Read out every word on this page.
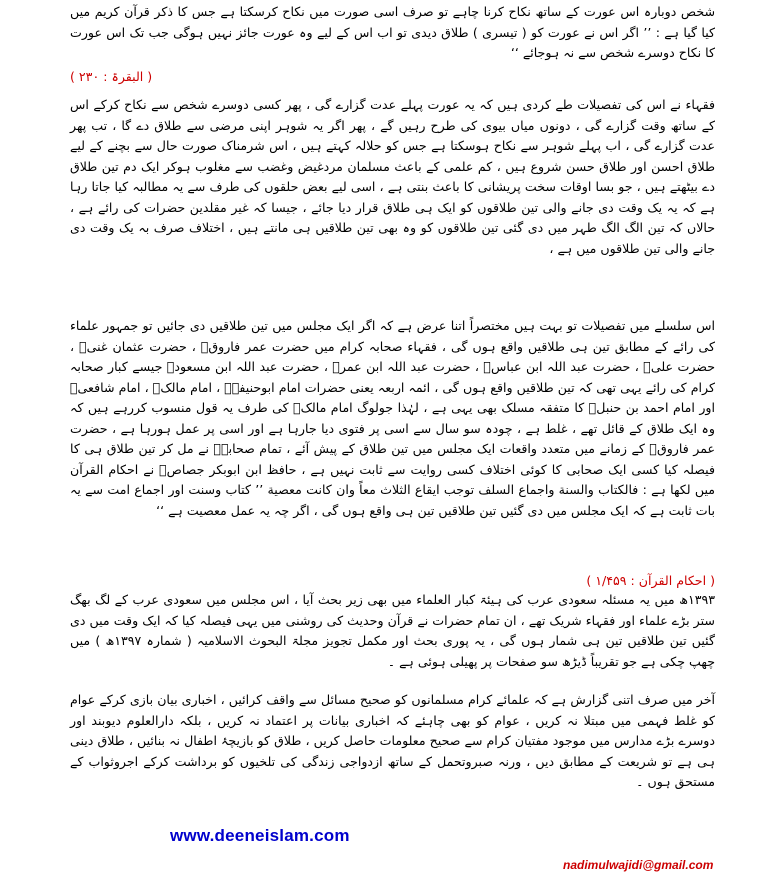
شخص دوبارہ اس عورت کے ساتھ نکاح کرنا چاہے تو صرف اسی صورت میں نکاح کرسکتا ہے جس کا ذکر قرآن کریم میں کیا گیا ہے : ’’ اگر اس نے عورت کو ( تیسری ) طلاق دیدی تو اب اس کے لیے وہ عورت جائز نہیں ہوگی جب تک اس عورت کا نکاح دوسرے شخص سے نہ ہوجائے ‘‘

( البقرۃ : ۲۳۰ )

فقہاء نے اس کی تفصیلات طے کردی ہیں کہ یہ عورت پہلے عدت گزارے گی ، پھر کسی دوسرے شخص سے نکاح کرکے اس کے ساتھ وقت گزارے گی ، دونوں میاں بیوی کی طرح رہیں گے ، پھر اگر یہ شوہر اپنی مرضی سے طلاق دے گا ، تب پھر عدت گزارے گی ، اب پہلے شوہر سے نکاح ہوسکتا ہے جس کو حلالہ کہتے ہیں ، اس شرمناک صورت حال سے بچنے کے لیے طلاق احسن اور طلاق حسن شروع ہیں ، کم علمی کے باعث مسلمان مردغیض وغضب سے مغلوب ہوکر ایک دم تین طلاق دے بیٹھتے ہیں ، جو بسا اوقات سخت پریشانی کا باعث بنتی ہے ، اسی لیے بعض حلقوں کی طرف سے یہ مطالبہ کیا جاتا رہا ہے کہ یہ یک وقت دی جانے والی تین طلاقوں کو ایک ہی طلاق قرار دیا جائے ، جیسا کہ غیر مقلدین حضرات کی رائے ہے ، حالاں کہ تین الگ الگ طہر میں دی گئی تین طلاقوں کو وہ بھی تین طلاقیں ہی مانتے ہیں ، اختلاف صرف بہ یک وقت دی جانے والی تین طلاقوں میں ہے ،

اس سلسلے میں تفصیلات تو بہت ہیں مختصراً اتنا عرض ہے کہ اگر ایک مجلس میں تین طلاقیں دی جائیں تو جمہور علماء کی رائے کے مطابق تین ہی طلاقیں واقع ہوں گی ، فقہاء صحابہ کرام میں حضرت عمر فاروقؓ ، حضرت عثمان غنیؓ ، حضرت علیؓ ، حضرت عبد اللہ ابن عباسؓ ، حضرت عبد اللہ ابن عمرؓ ، حضرت عبد اللہ ابن مسعودؓ جیسے کبار صحابہ کرام کی رائے یہی تھی کہ تین طلاقیں واقع ہوں گی ، ائمہ اربعہ یعنی حضرات امام ابوحنیفہؒ ، امام مالکؒ ، امام شافعیؒ اور امام احمد بن حنبلؒ کا متفقہ مسلک بھی یہی ہے ، لہٰذا جولوگ امام مالکؒ کی طرف یہ قول منسوب کررہے ہیں کہ وہ ایک طلاق کے قائل تھے ، غلط ہے ، چودہ سو سال سے اسی پر فتوی دیا جارہا ہے اور اسی پر عمل ہورہا ہے ، حضرت عمر فاروقؓ کے زمانے میں متعدد واقعات ایک مجلس میں تین طلاق کے پیش آئے ، تمام صحابہؓ نے مل کر تین طلاق ہی کا فیصلہ کیا کسی ایک صحابی کا کوئی اختلاف کسی روایت سے ثابت نہیں ہے ، حافظ ابن ابوبکر جصاصؒ نے احکام القرآن میں لکھا ہے : فالکتاب والسنة واجماع السلف توجب ایقاع الثلاث معاً وان کانت معصیة ’’ کتاب وسنت اور اجماع امت سے یہ بات ثابت ہے کہ ایک مجلس میں دی گئیں تین طلاقیں تین ہی واقع ہوں گی ، اگر چہ یہ عمل معصیت ہے ‘‘

( احکام القرآن : ۱/۴۵۹ )

۱۳۹۳ھ میں یہ مسئلہ سعودی عرب کی ہیئۃ کبار العلماء میں بھی زیر بحث آیا ، اس مجلس میں سعودی عرب کے لگ بھگ ستر بڑے علماء اور فقہاء شریک تھے ، ان تمام حضرات نے قرآن وحدیث کی روشنی میں یہی فیصلہ کیا کہ ایک وقت میں دی گئیں تین طلاقیں تین ہی شمار ہوں گی ، یہ پوری بحث اور مکمل تجویز مجلۃ البحوث الاسلامیہ ( شمارہ ۱۳۹۷ھ ) میں چھپ چکی ہے جو تقریباً ڈیڑھ سو صفحات پر پھیلی ہوئی ہے ۔

آخر میں صرف اتنی گزارش ہے کہ علمائے کرام مسلمانوں کو صحیح مسائل سے واقف کرائیں ، اخباری بیان بازی کرکے عوام کو غلط فہمی میں مبتلا نہ کریں ، عوام کو بھی چاہئے کہ اخباری بیانات پر اعتماد نہ کریں ، بلکہ دارالعلوم دیوبند اور دوسرے بڑے مدارس میں موجود مفتیان کرام سے صحیح معلومات حاصل کریں ، طلاق کو بازیچۂ اطفال نہ بنائیں ، طلاق دینی ہی ہے تو شریعت کے مطابق دیں ، ورنہ صبروتحمل کے ساتھ ازدواجی زندگی کی تلخیوں کو برداشت کرکے اجروثواب کے مستحق ہوں ۔

www.deeneislam.com
nadimulwajidi@gmail.com
